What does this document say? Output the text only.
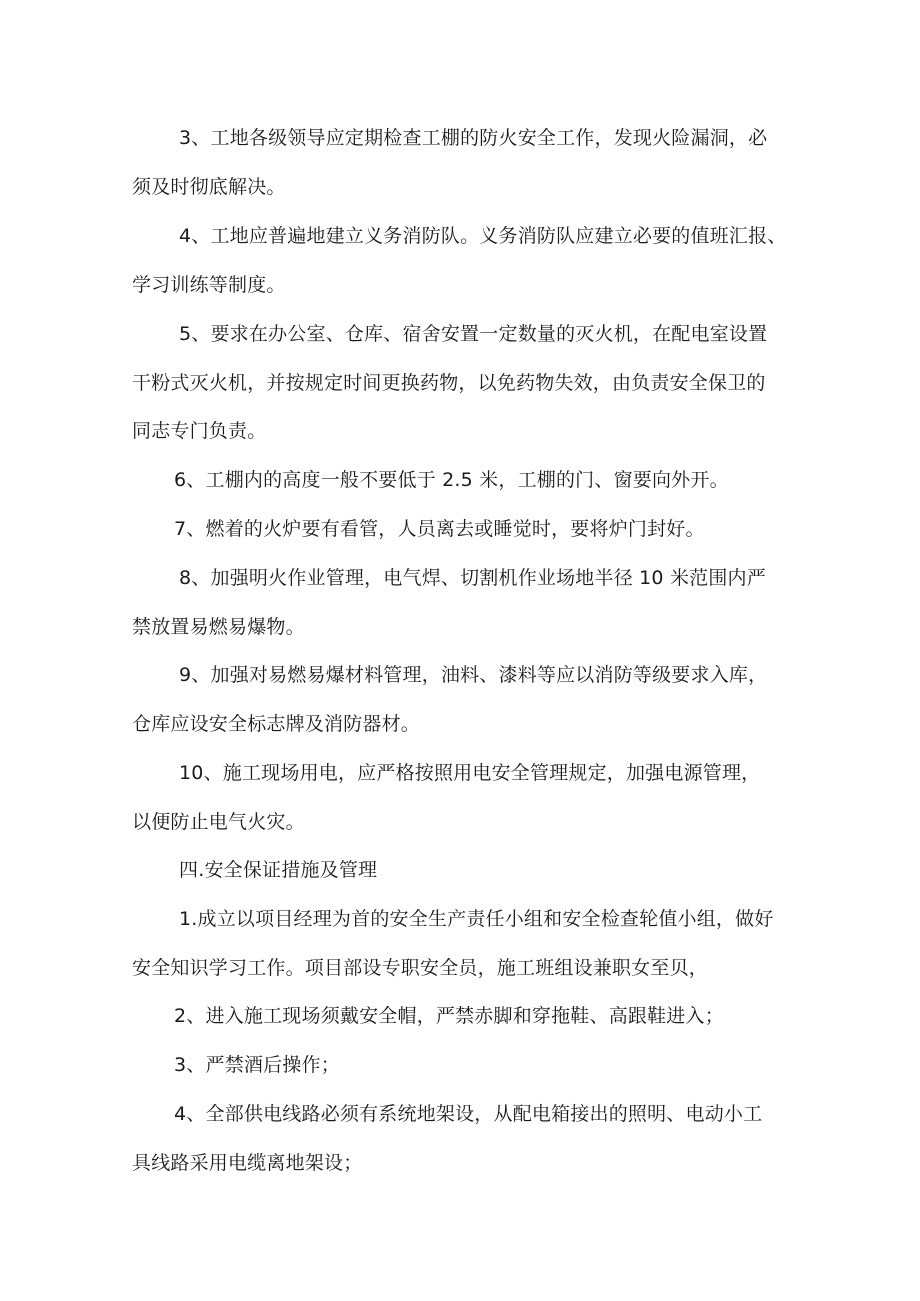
3、工地各级领导应定期检查工棚的防火安全工作，发现火险漏洞，必
须及时彻底解决。
4、工地应普遍地建立义务消防队。义务消防队应建立必要的值班汇报、
学习训练等制度。
5、要求在办公室、仓库、宿舍安置一定数量的灭火机，在配电室设置
干粉式灭火机，并按规定时间更换药物，以免药物失效，由负责安全保卫的
同志专门负责。
6、工棚内的高度一般不要低于 2.5 米，工棚的门、窗要向外开。
7、燃着的火炉要有看管，人员离去或睡觉时，要将炉门封好。
8、加强明火作业管理，电气焊、切割机作业场地半径 10 米范围内严
禁放置易燃易爆物。
9、加强对易燃易爆材料管理，油料、漆料等应以消防等级要求入库，
仓库应设安全标志牌及消防器材。
10、施工现场用电，应严格按照用电安全管理规定，加强电源管理，
以便防止电气火灾。
四.安全保证措施及管理
1.成立以项目经理为首的安全生产责任小组和安全检查轮值小组，做好
安全知识学习工作。项目部设专职安全员，施工班组设兼职女至贝，
2、进入施工现场须戴安全帽，严禁赤脚和穿拖鞋、高跟鞋进入；
3、严禁酒后操作；
4、全部供电线路必须有系统地架设，从配电箱接出的照明、电动小工
具线路采用电缆离地架设；
